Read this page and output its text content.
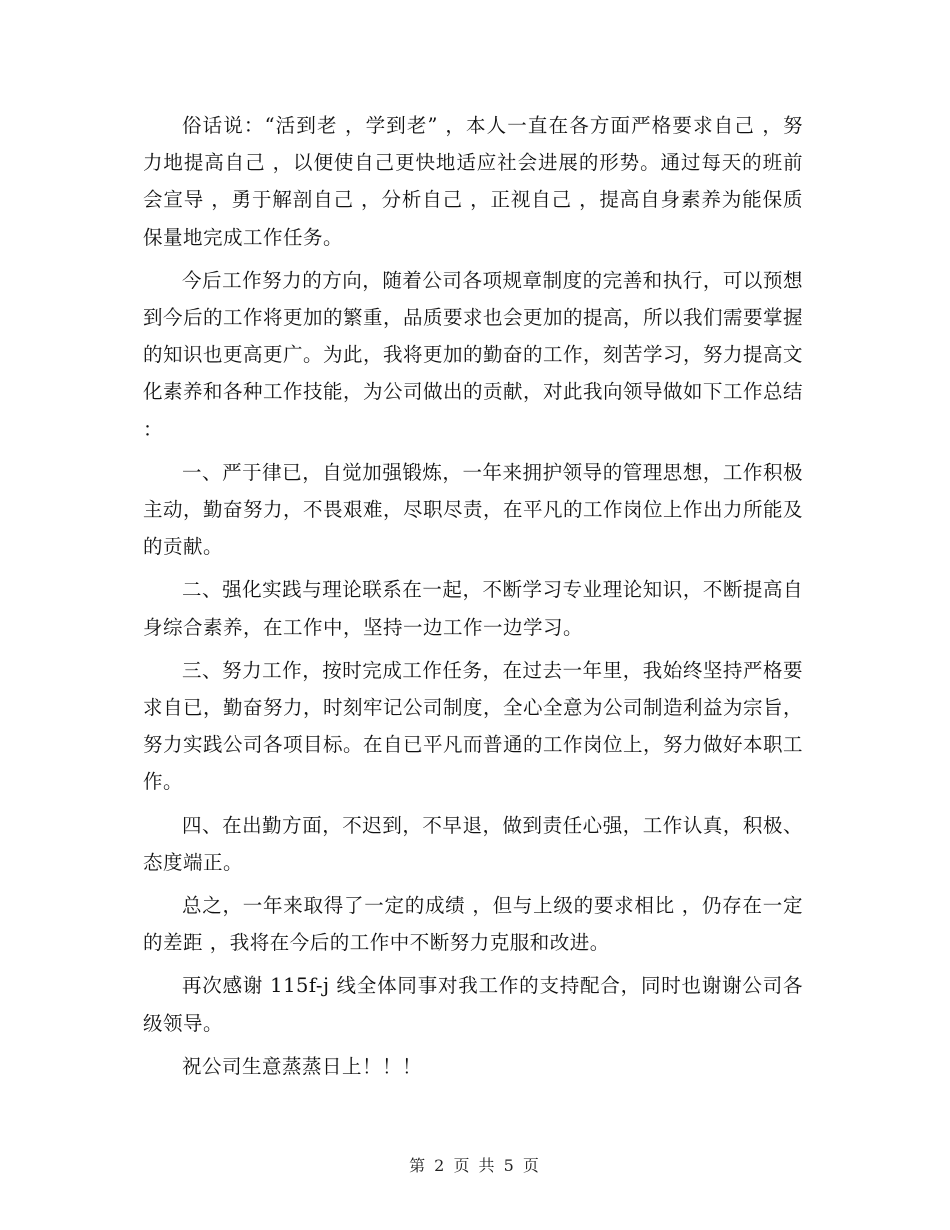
俗话说：“活到老 ，学到老” ，本人一直在各方面严格要求自己 ，努力地提高自己 ，以便使自己更快地适应社会进展的形势。通过每天的班前会宣导 ，勇于解剖自己 ，分析自己 ，正视自己 ，提高自身素养为能保质保量地完成工作任务。

今后工作努力的方向，随着公司各项规章制度的完善和执行，可以预想到今后的工作将更加的繁重，品质要求也会更加的提高，所以我们需要掌握的知识也更高更广。为此，我将更加的勤奋的工作，刻苦学习，努力提高文化素养和各种工作技能，为公司做出的贡献，对此我向领导做如下工作总结 ：

一、严于律已，自觉加强锻炼，一年来拥护领导的管理思想，工作积极主动，勤奋努力，不畏艰难，尽职尽责，在平凡的工作岗位上作出力所能及的贡献。

二、强化实践与理论联系在一起，不断学习专业理论知识，不断提高自身综合素养，在工作中，坚持一边工作一边学习。

三、努力工作，按时完成工作任务，在过去一年里，我始终坚持严格要求自已，勤奋努力，时刻牢记公司制度，全心全意为公司制造利益为宗旨，努力实践公司各项目标。在自已平凡而普通的工作岗位上，努力做好本职工作。

四、在出勤方面，不迟到，不早退，做到责任心强，工作认真，积极、态度端正。

总之，一年来取得了一定的成绩 ，但与上级的要求相比 ，仍存在一定的差距 ，我将在今后的工作中不断努力克服和改进。

再次感谢 115f-j 线全体同事对我工作的支持配合，同时也谢谢公司各级领导。

祝公司生意蒸蒸日上！！！

第 2 页 共 5 页
